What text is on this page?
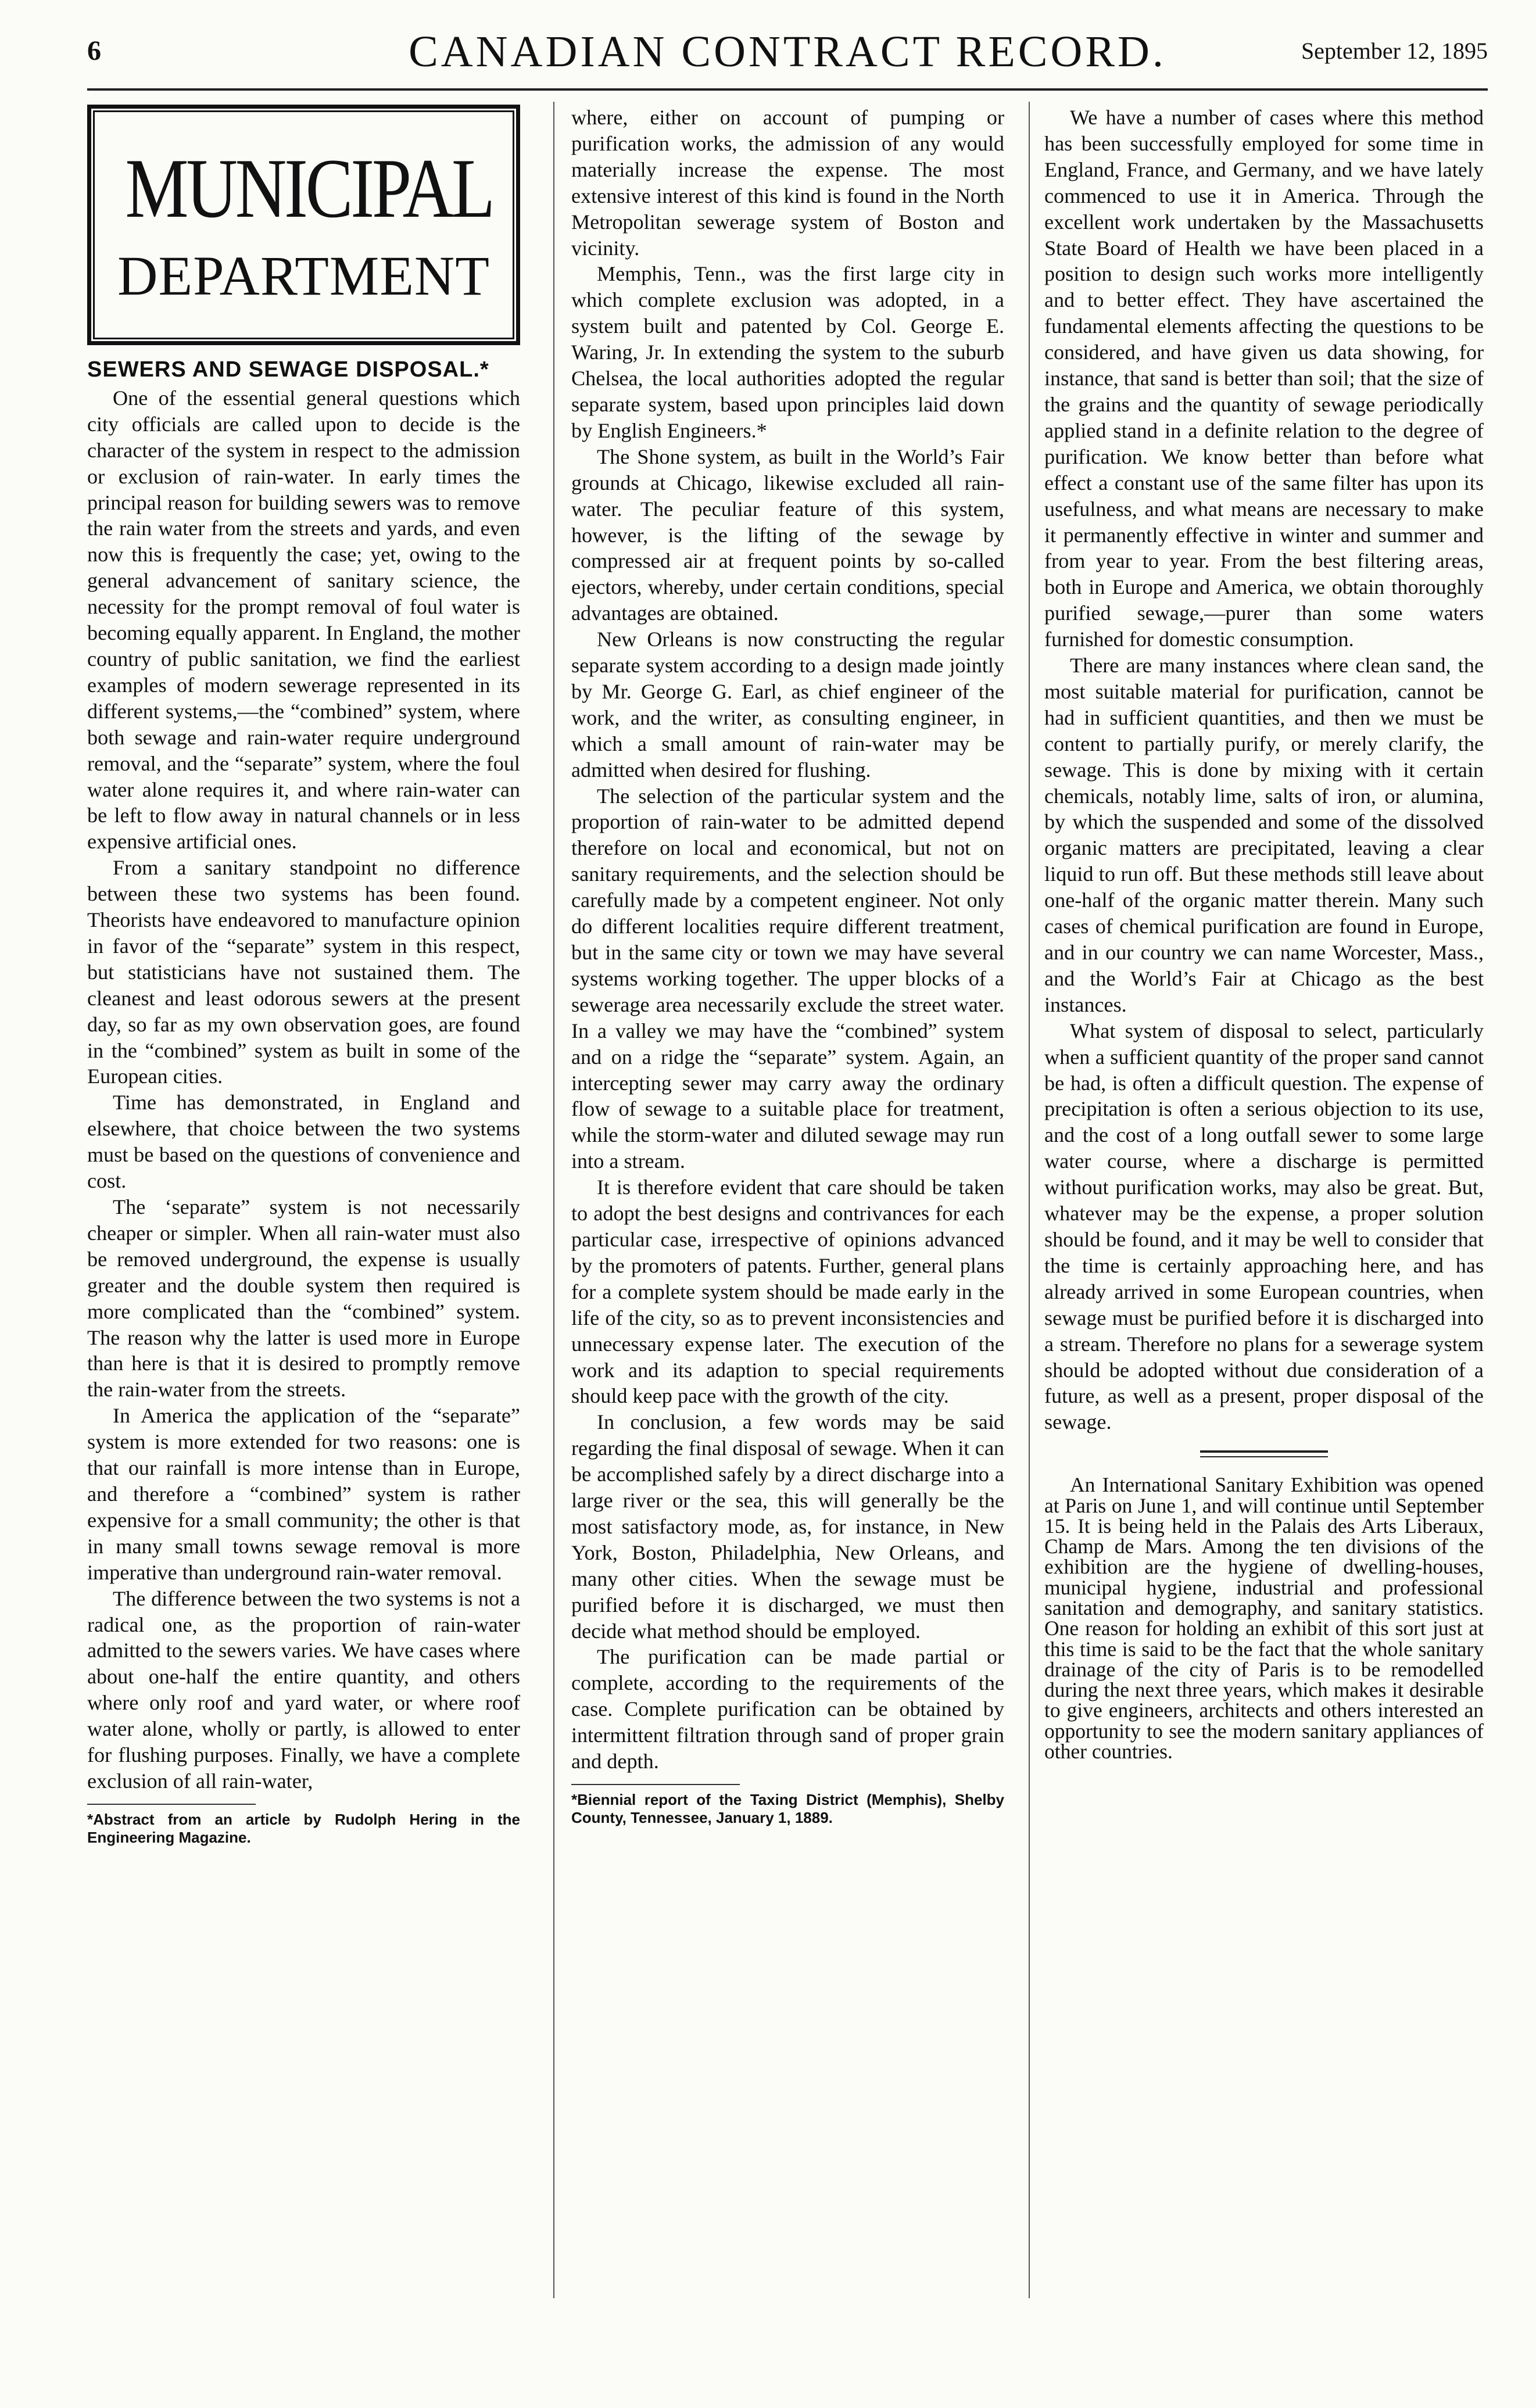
6	CANADIAN CONTRACT RECORD.	September 12, 1895
MUNICIPAL
DEPARTMENT
SEWERS AND SEWAGE DISPOSAL.*

One of the essential general questions which city officials are called upon to decide is the character of the system in respect to the admission or exclusion of rain-water. In early times the principal reason for building sewers was to remove the rain water from the streets and yards, and even now this is frequently the case; yet, owing to the general advancement of sanitary science, the necessity for the prompt removal of foul water is becoming equally apparent. In England, the mother country of public sanitation, we find the earliest examples of modern sewerage represented in its different systems,—the “combined” system, where both sewage and rain-water require underground removal, and the “separate” system, where the foul water alone requires it, and where rain-water can be left to flow away in natural channels or in less expensive artificial ones.

From a sanitary standpoint no difference between these two systems has been found. Theorists have endeavored to manufacture opinion in favor of the “separate” system in this respect, but statisticians have not sustained them. The cleanest and least odorous sewers at the present day, so far as my own observation goes, are found in the “combined” system as built in some of the European cities.

Time has demonstrated, in England and elsewhere, that choice between the two systems must be based on the questions of convenience and cost.

The ‘separate” system is not necessarily cheaper or simpler. When all rain-water must also be removed underground, the expense is usually greater and the double system then required is more complicated than the “combined” system. The reason why the latter is used more in Europe than here is that it is desired to promptly remove the rain-water from the streets.

In America the application of the “separate” system is more extended for two reasons: one is that our rainfall is more intense than in Europe, and therefore a “combined” system is rather expensive for a small community; the other is that in many small towns sewage removal is more imperative than underground rain-water removal.

The difference between the two systems is not a radical one, as the proportion of rain-water admitted to the sewers varies. We have cases where about one-half the entire quantity, and others where only roof and yard water, or where roof water alone, wholly or partly, is allowed to enter for flushing purposes. Finally, we have a complete exclusion of all rain-water,

*Abstract from an article by Rudolph Hering in the Engineering Magazine.

where, either on account of pumping or purification works, the admission of any would materially increase the expense. The most extensive interest of this kind is found in the North Metropolitan sewerage system of Boston and vicinity.

Memphis, Tenn., was the first large city in which complete exclusion was adopted, in a system built and patented by Col. George E. Waring, Jr. In extending the system to the suburb Chelsea, the local authorities adopted the regular separate system, based upon principles laid down by English Engineers.*

The Shone system, as built in the World’s Fair grounds at Chicago, likewise excluded all rain-water. The peculiar feature of this system, however, is the lifting of the sewage by compressed air at frequent points by so-called ejectors, whereby, under certain conditions, special advantages are obtained.

New Orleans is now constructing the regular separate system according to a design made jointly by Mr. George G. Earl, as chief engineer of the work, and the writer, as consulting engineer, in which a small amount of rain-water may be admitted when desired for flushing.

The selection of the particular system and the proportion of rain-water to be admitted depend therefore on local and economical, but not on sanitary requirements, and the selection should be carefully made by a competent engineer. Not only do different localities require different treatment, but in the same city or town we may have several systems working together. The upper blocks of a sewerage area necessarily exclude the street water. In a valley we may have the “combined” system and on a ridge the “separate” system. Again, an intercepting sewer may carry away the ordinary flow of sewage to a suitable place for treatment, while the storm-water and diluted sewage may run into a stream.

It is therefore evident that care should be taken to adopt the best designs and contrivances for each particular case, irrespective of opinions advanced by the promoters of patents. Further, general plans for a complete system should be made early in the life of the city, so as to prevent inconsistencies and unnecessary expense later. The execution of the work and its adaption to special requirements should keep pace with the growth of the city.

In conclusion, a few words may be said regarding the final disposal of sewage. When it can be accomplished safely by a direct discharge into a large river or the sea, this will generally be the most satisfactory mode, as, for instance, in New York, Boston, Philadelphia, New Orleans, and many other cities. When the sewage must be purified before it is discharged, we must then decide what method should be employed.

The purification can be made partial or complete, according to the requirements of the case. Complete purification can be obtained by intermittent filtration through sand of proper grain and depth.

*Biennial report of the Taxing District (Memphis), Shelby County, Tennessee, January 1, 1889.

We have a number of cases where this method has been successfully employed for some time in England, France, and Germany, and we have lately commenced to use it in America. Through the excellent work undertaken by the Massachusetts State Board of Health we have been placed in a position to design such works more intelligently and to better effect. They have ascertained the fundamental elements affecting the questions to be considered, and have given us data showing, for instance, that sand is better than soil; that the size of the grains and the quantity of sewage periodically applied stand in a definite relation to the degree of purification. We know better than before what effect a constant use of the same filter has upon its usefulness, and what means are necessary to make it permanently effective in winter and summer and from year to year. From the best filtering areas, both in Europe and America, we obtain thoroughly purified sewage,—purer than some waters furnished for domestic consumption.

There are many instances where clean sand, the most suitable material for purification, cannot be had in sufficient quantities, and then we must be content to partially purify, or merely clarify, the sewage. This is done by mixing with it certain chemicals, notably lime, salts of iron, or alumina, by which the suspended and some of the dissolved organic matters are precipitated, leaving a clear liquid to run off. But these methods still leave about one-half of the organic matter therein. Many such cases of chemical purification are found in Europe, and in our country we can name Worcester, Mass., and the World’s Fair at Chicago as the best instances.

What system of disposal to select, particularly when a sufficient quantity of the proper sand cannot be had, is often a difficult question. The expense of precipitation is often a serious objection to its use, and the cost of a long outfall sewer to some large water course, where a discharge is permitted without purification works, may also be great. But, whatever may be the expense, a proper solution should be found, and it may be well to consider that the time is certainly approaching here, and has already arrived in some European countries, when sewage must be purified before it is discharged into a stream. Therefore no plans for a sewerage system should be adopted without due consideration of a future, as well as a present, proper disposal of the sewage.

An International Sanitary Exhibition was opened at Paris on June 1, and will continue until September 15. It is being held in the Palais des Arts Liberaux, Champ de Mars. Among the ten divisions of the exhibition are the hygiene of dwelling-houses, municipal hygiene, industrial and professional sanitation and demography, and sanitary statistics. One reason for holding an exhibit of this sort just at this time is said to be the fact that the whole sanitary drainage of the city of Paris is to be remodelled during the next three years, which makes it desirable to give engineers, architects and others interested an opportunity to see the modern sanitary appliances of other countries.
